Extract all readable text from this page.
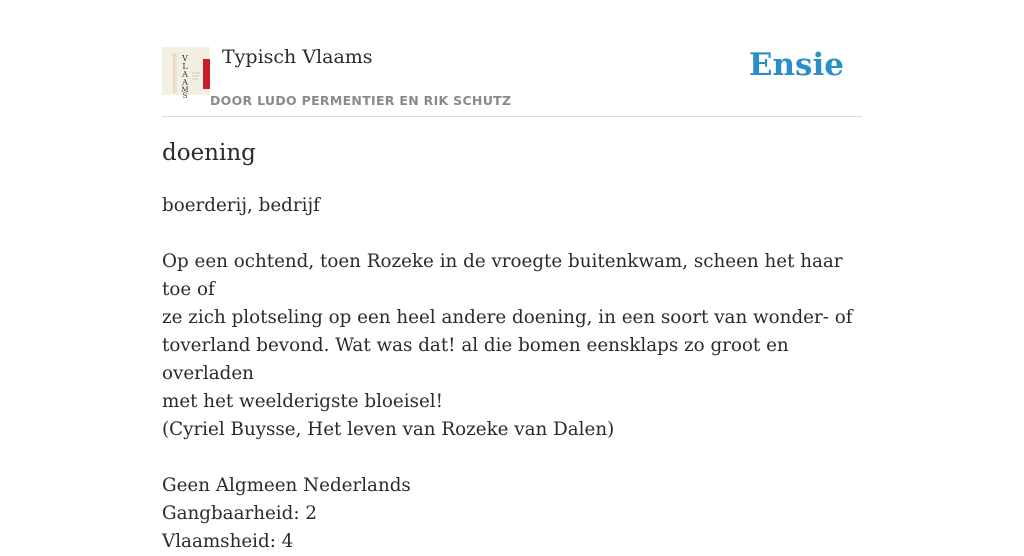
V
L
A
A
M
S
Typisch Vlaams
DOOR LUDO PERMENTIER EN RIK SCHUTZ
Ensie
doening

boerderij, bedrijf

Op een ochtend, toen Rozeke in de vroegte buitenkwam, scheen het haar toe of

ze zich plotseling op een heel andere doening, in een soort van wonder- of

toverland bevond. Wat was dat! al die bomen eensklaps zo groot en overladen

met het weelderigste bloeisel!

(Cyriel Buysse, Het leven van Rozeke van Dalen)

Geen Algmeen Nederlands

Gangbaarheid: 2

Vlaamsheid: 4
